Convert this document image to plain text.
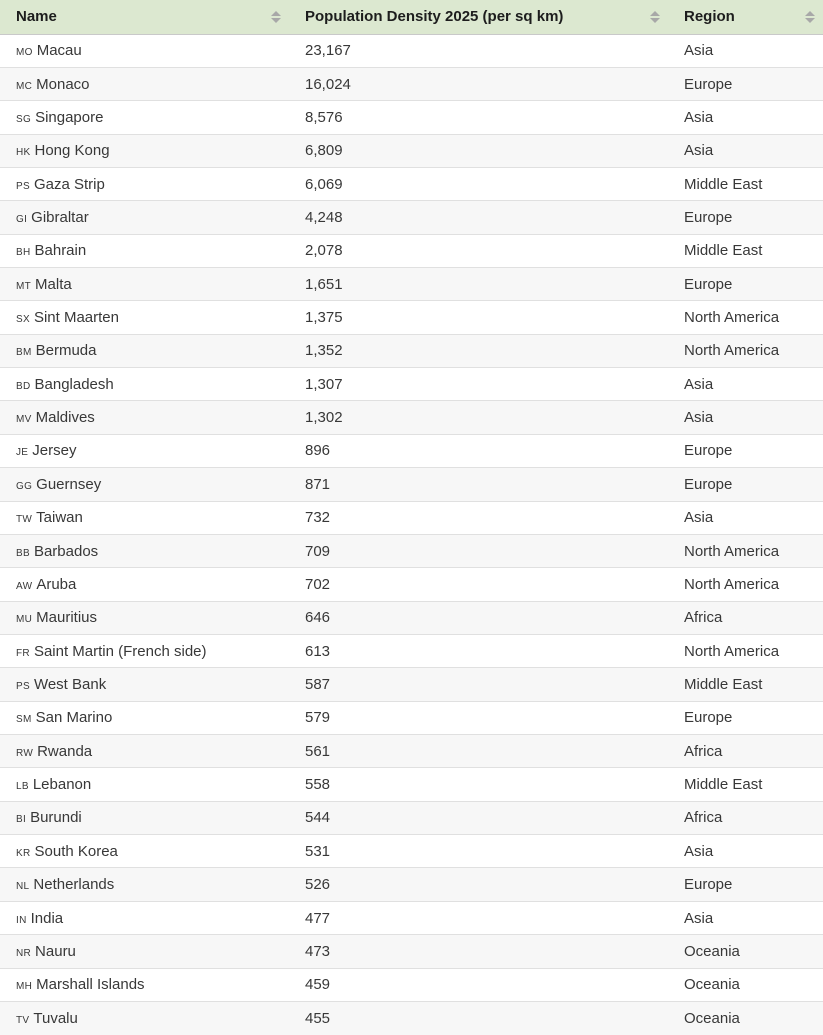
Name	Population Density 2025 (per sq km)	Region

MO Macau	23,167	Asia
MC Monaco	16,024	Europe
SG Singapore	8,576	Asia
HK Hong Kong	6,809	Asia
PS Gaza Strip	6,069	Middle East
GI Gibraltar	4,248	Europe
BH Bahrain	2,078	Middle East
MT Malta	1,651	Europe
SX Sint Maarten	1,375	North America
BM Bermuda	1,352	North America
BD Bangladesh	1,307	Asia
MV Maldives	1,302	Asia
JE Jersey	896	Europe
GG Guernsey	871	Europe
TW Taiwan	732	Asia
BB Barbados	709	North America
AW Aruba	702	North America
MU Mauritius	646	Africa
FR Saint Martin (French side)	613	North America
PS West Bank	587	Middle East
SM San Marino	579	Europe
RW Rwanda	561	Africa
LB Lebanon	558	Middle East
BI Burundi	544	Africa
KR South Korea	531	Asia
NL Netherlands	526	Europe
IN India	477	Asia
NR Nauru	473	Oceania
MH Marshall Islands	459	Oceania
TV Tuvalu	455	Oceania
